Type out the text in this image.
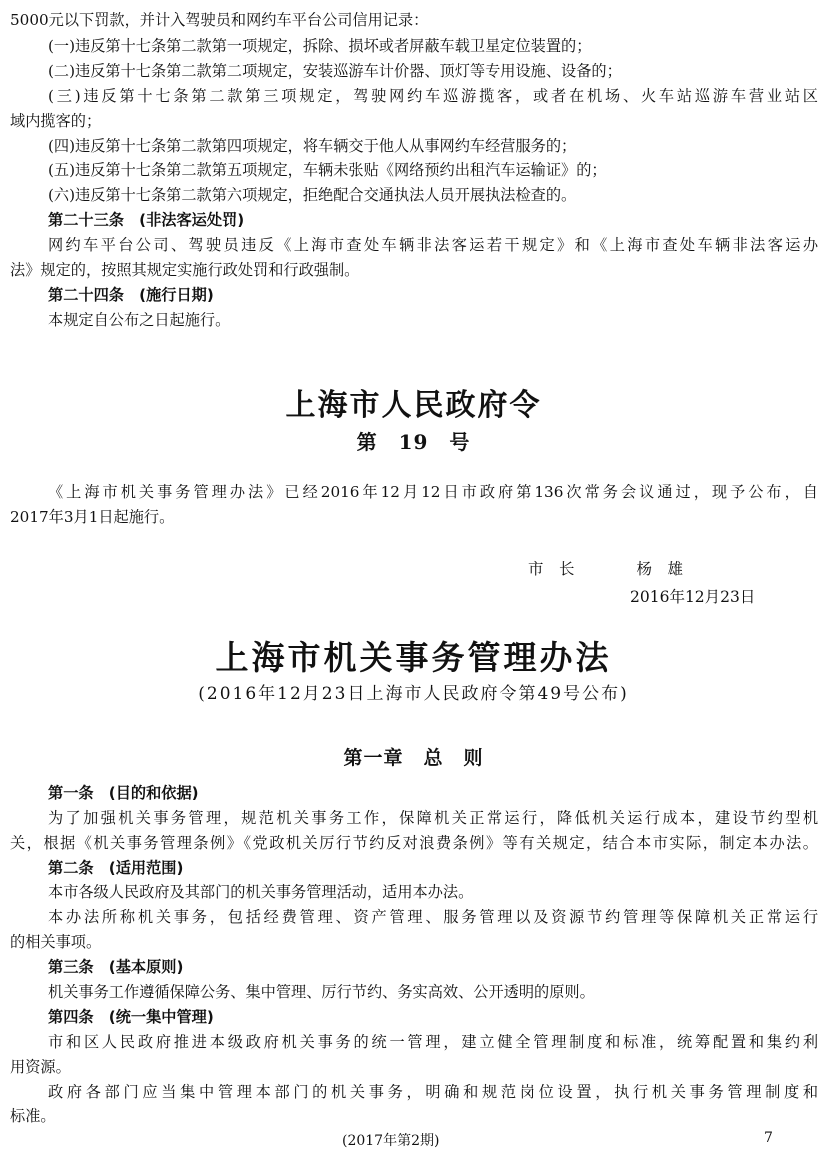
5000元以下罚款，并计入驾驶员和网约车平台公司信用记录：
(一)违反第十七条第二款第一项规定，拆除、损坏或者屏蔽车载卫星定位装置的；
(二)违反第十七条第二款第二项规定，安装巡游车计价器、顶灯等专用设施、设备的；
(三)违反第十七条第二款第三项规定，驾驶网约车巡游揽客，或者在机场、火车站巡游车营业站区
域内揽客的；
(四)违反第十七条第二款第四项规定，将车辆交于他人从事网约车经营服务的；
(五)违反第十七条第二款第五项规定，车辆未张贴《网络预约出租汽车运输证》的；
(六)违反第十七条第二款第六项规定，拒绝配合交通执法人员开展执法检查的。
第二十三条　(非法客运处罚)
网约车平台公司、驾驶员违反《上海市查处车辆非法客运若干规定》和《上海市查处车辆非法客运办
法》规定的，按照其规定实施行政处罚和行政强制。
第二十四条　(施行日期)
本规定自公布之日起施行。
上海市人民政府令
第　19　号
《上海市机关事务管理办法》已经2016年12月12日市政府第136次常务会议通过，现予公布，自
2017年3月1日起施行。
市　长　　　　杨　雄
2016年12月23日
上海市机关事务管理办法
(2016年12月23日上海市人民政府令第49号公布)
第一章　总　则
第一条　(目的和依据)
为了加强机关事务管理，规范机关事务工作，保障机关正常运行，降低机关运行成本，建设节约型机
关，根据《机关事务管理条例》《党政机关厉行节约反对浪费条例》等有关规定，结合本市实际，制定本办法。
第二条　(适用范围)
本市各级人民政府及其部门的机关事务管理活动，适用本办法。
本办法所称机关事务，包括经费管理、资产管理、服务管理以及资源节约管理等保障机关正常运行
的相关事项。
第三条　(基本原则)
机关事务工作遵循保障公务、集中管理、厉行节约、务实高效、公开透明的原则。
第四条　(统一集中管理)
市和区人民政府推进本级政府机关事务的统一管理，建立健全管理制度和标准，统筹配置和集约利
用资源。
政府各部门应当集中管理本部门的机关事务，明确和规范岗位设置，执行机关事务管理制度和
标准。
(2017年第2期)	7
